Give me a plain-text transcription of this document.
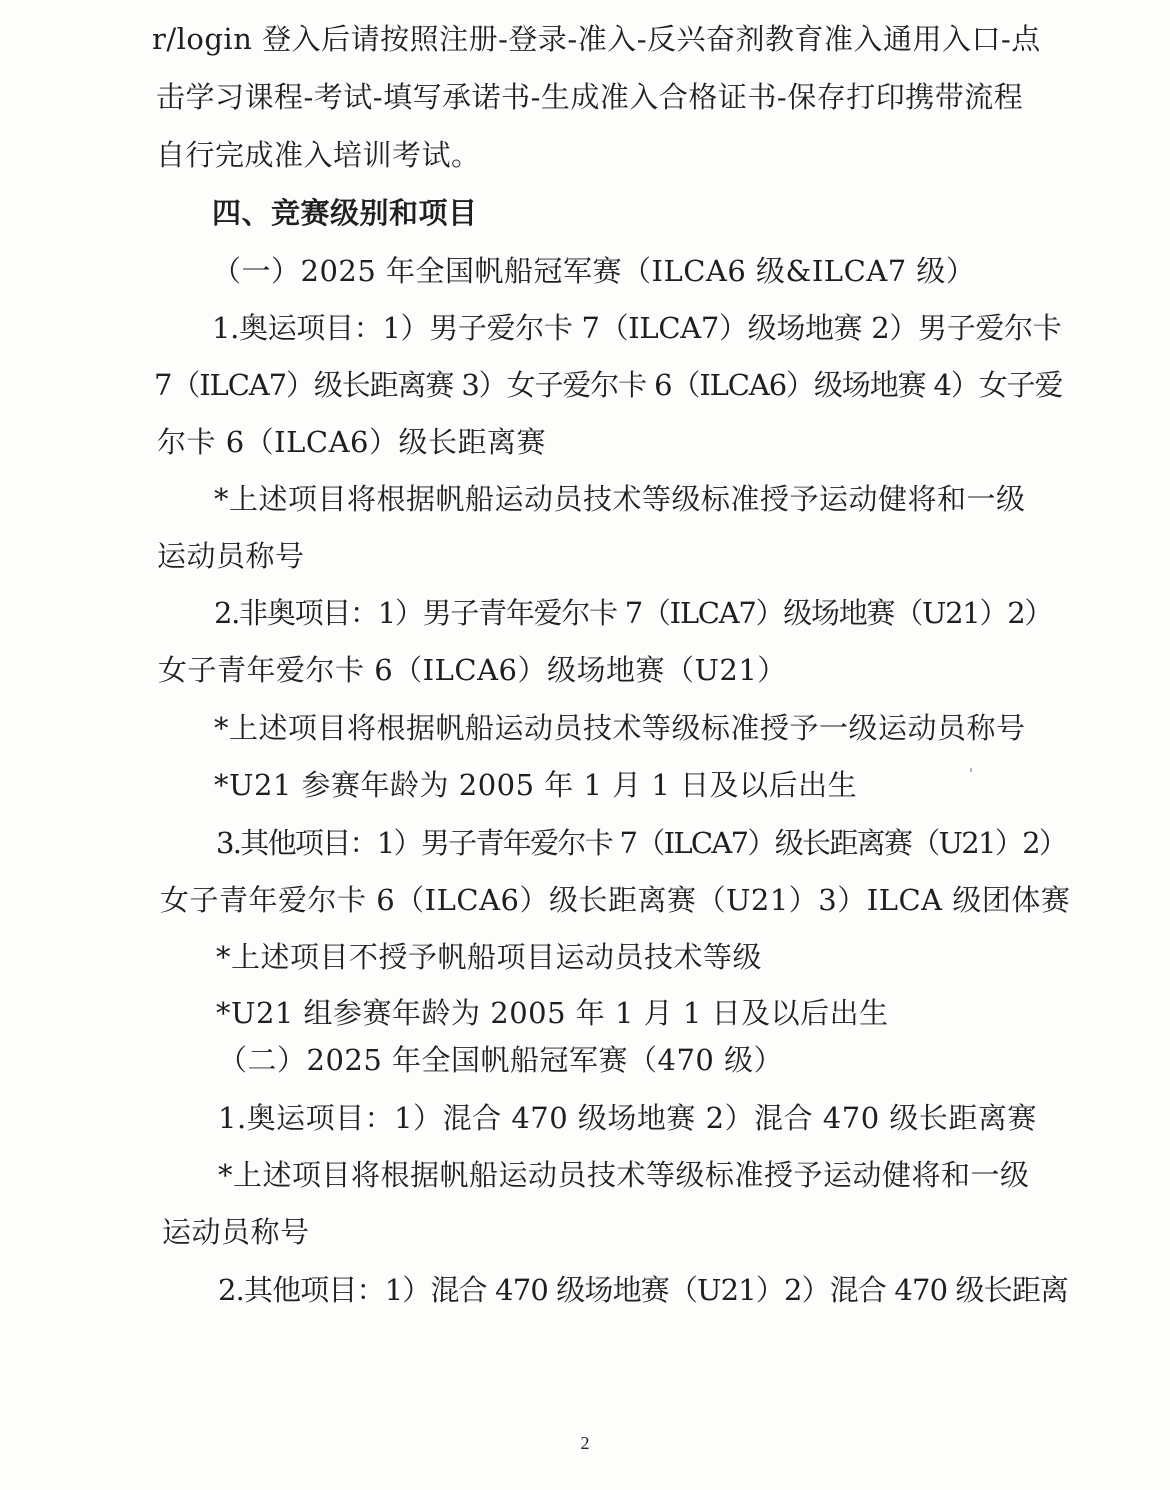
r/login 登入后请按照注册-登录-准入-反兴奋剂教育准入通用入口-点
击学习课程-考试-填写承诺书-生成准入合格证书-保存打印携带流程
自行完成准入培训考试。
四、竞赛级别和项目
（一）2025 年全国帆船冠军赛（ILCA6 级&ILCA7 级）
1.奥运项目：1）男子爱尔卡 7（ILCA7）级场地赛 2）男子爱尔卡
7（ILCA7）级长距离赛 3）女子爱尔卡 6（ILCA6）级场地赛 4）女子爱
尔卡 6（ILCA6）级长距离赛
*上述项目将根据帆船运动员技术等级标准授予运动健将和一级
运动员称号
2.非奥项目：1）男子青年爱尔卡 7（ILCA7）级场地赛（U21）2）
女子青年爱尔卡 6（ILCA6）级场地赛（U21）
*上述项目将根据帆船运动员技术等级标准授予一级运动员称号
*U21 参赛年龄为 2005 年 1 月 1 日及以后出生
3.其他项目：1）男子青年爱尔卡 7（ILCA7）级长距离赛（U21）2）
女子青年爱尔卡 6（ILCA6）级长距离赛（U21）3）ILCA 级团体赛
*上述项目不授予帆船项目运动员技术等级
*U21 组参赛年龄为 2005 年 1 月 1 日及以后出生
（二）2025 年全国帆船冠军赛（470 级）
1.奥运项目：1）混合 470 级场地赛 2）混合 470 级长距离赛
*上述项目将根据帆船运动员技术等级标准授予运动健将和一级
运动员称号
2.其他项目：1）混合 470 级场地赛（U21）2）混合 470 级长距离
2
